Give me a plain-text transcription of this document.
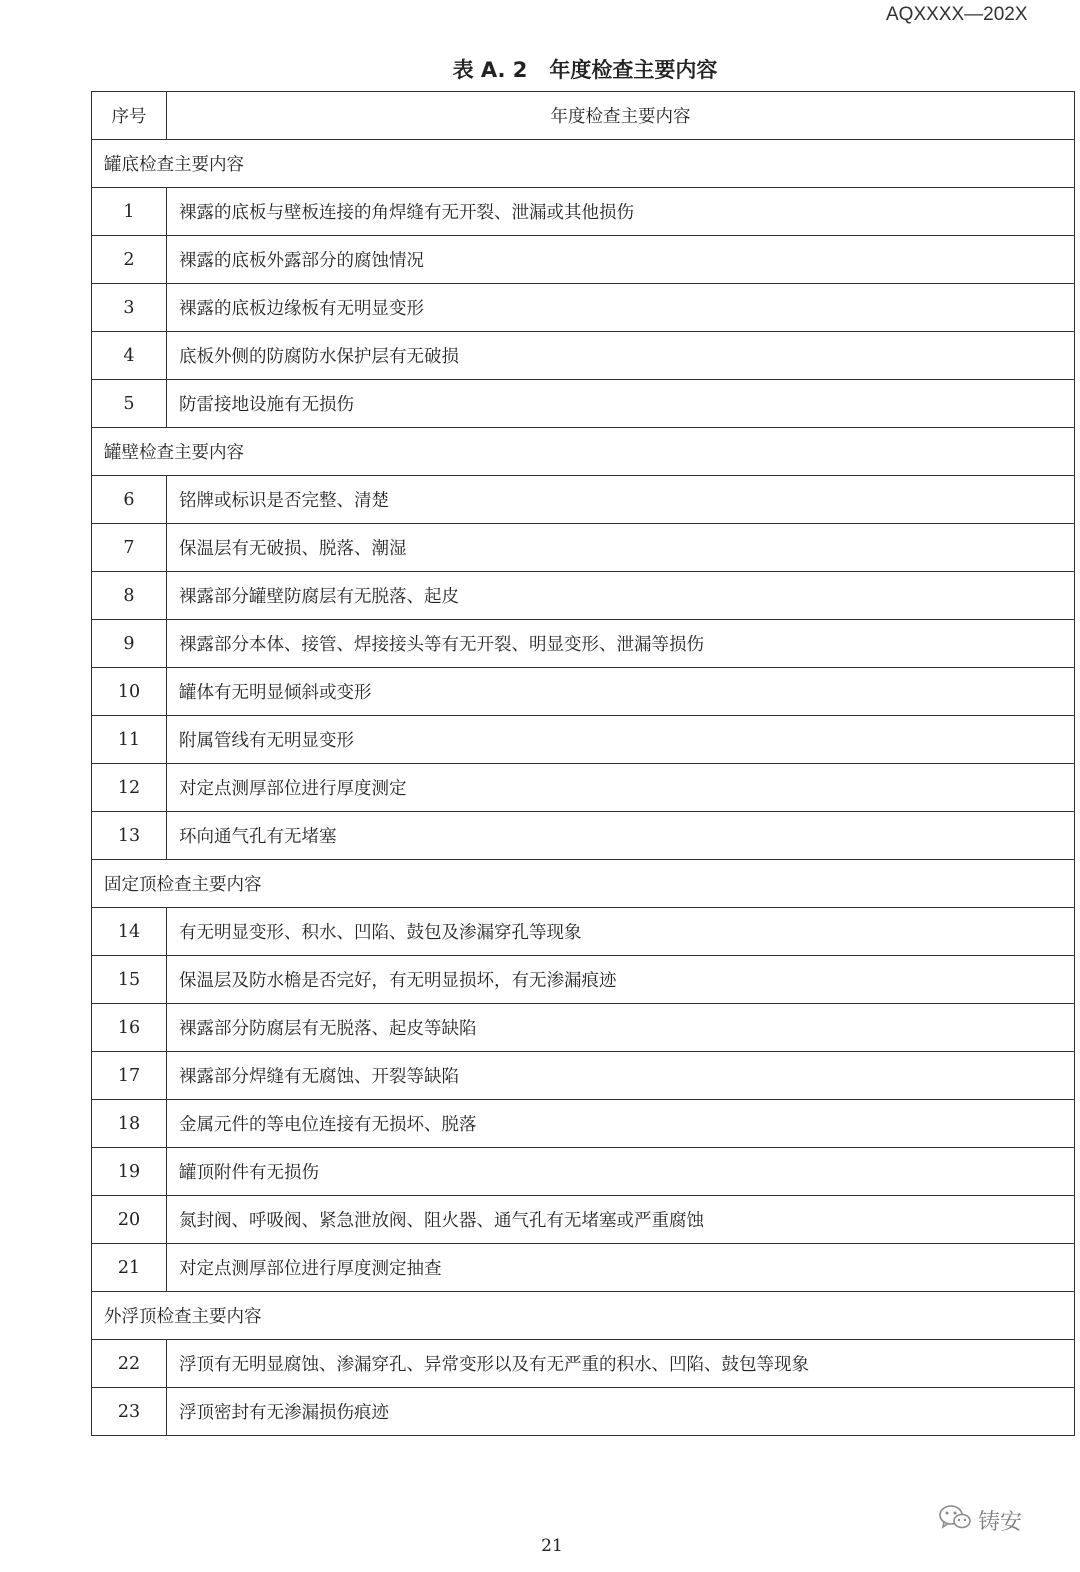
AQXXXX—202X
表 A. 2 年度检查主要内容
序号	年度检查主要内容
罐底检查主要内容	
1	裸露的底板与壁板连接的角焊缝有无开裂、泄漏或其他损伤
2	裸露的底板外露部分的腐蚀情况
3	裸露的底板边缘板有无明显变形
4	底板外侧的防腐防水保护层有无破损
5	防雷接地设施有无损伤
罐壁检查主要内容	
6	铭牌或标识是否完整、清楚
7	保温层有无破损、脱落、潮湿
8	裸露部分罐壁防腐层有无脱落、起皮
9	裸露部分本体、接管、焊接接头等有无开裂、明显变形、泄漏等损伤
10	罐体有无明显倾斜或变形
11	附属管线有无明显变形
12	对定点测厚部位进行厚度测定
13	环向通气孔有无堵塞
固定顶检查主要内容	
14	有无明显变形、积水、凹陷、鼓包及渗漏穿孔等现象
15	保温层及防水檐是否完好，有无明显损坏，有无渗漏痕迹
16	裸露部分防腐层有无脱落、起皮等缺陷
17	裸露部分焊缝有无腐蚀、开裂等缺陷
18	金属元件的等电位连接有无损坏、脱落
19	罐顶附件有无损伤
20	氮封阀、呼吸阀、紧急泄放阀、阻火器、通气孔有无堵塞或严重腐蚀
21	对定点测厚部位进行厚度测定抽查
外浮顶检查主要内容	
22	浮顶有无明显腐蚀、渗漏穿孔、异常变形以及有无严重的积水、凹陷、鼓包等现象
23	浮顶密封有无渗漏损伤痕迹
21
铸安
